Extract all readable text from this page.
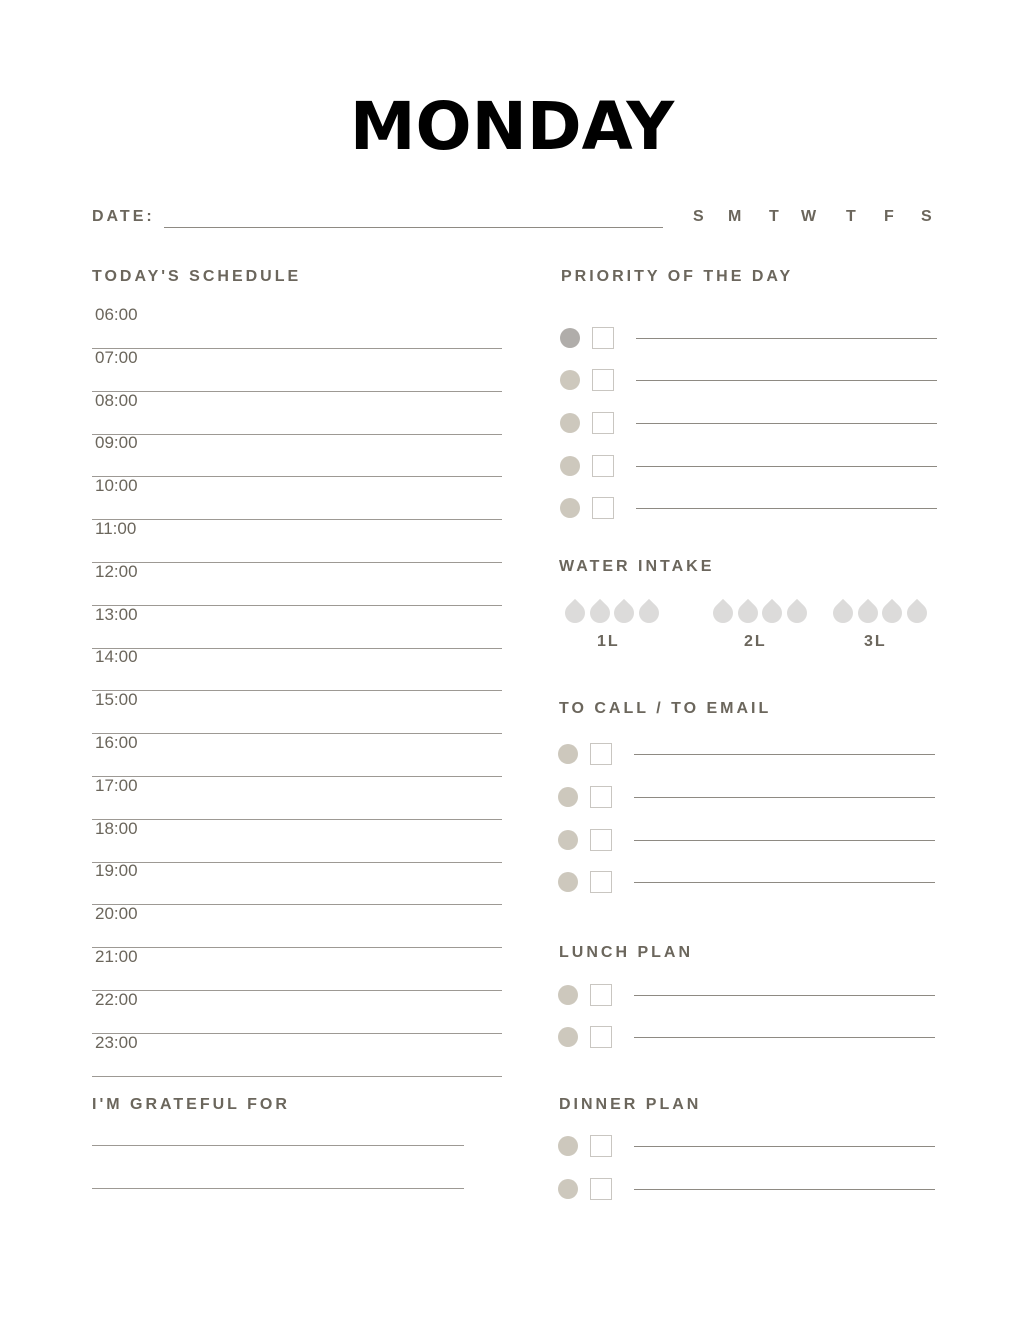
MONDAY
DATE:	S M T W T F S
TODAY'S SCHEDULE
06:00
07:00
08:00
09:00
10:00
11:00
12:00
13:00
14:00
15:00
16:00
17:00
18:00
19:00
20:00
21:00
22:00
23:00
PRIORITY OF THE DAY
WATER INTAKE
1L	2L	3L
TO CALL / TO EMAIL
LUNCH PLAN
I'M GRATEFUL FOR	DINNER PLAN
